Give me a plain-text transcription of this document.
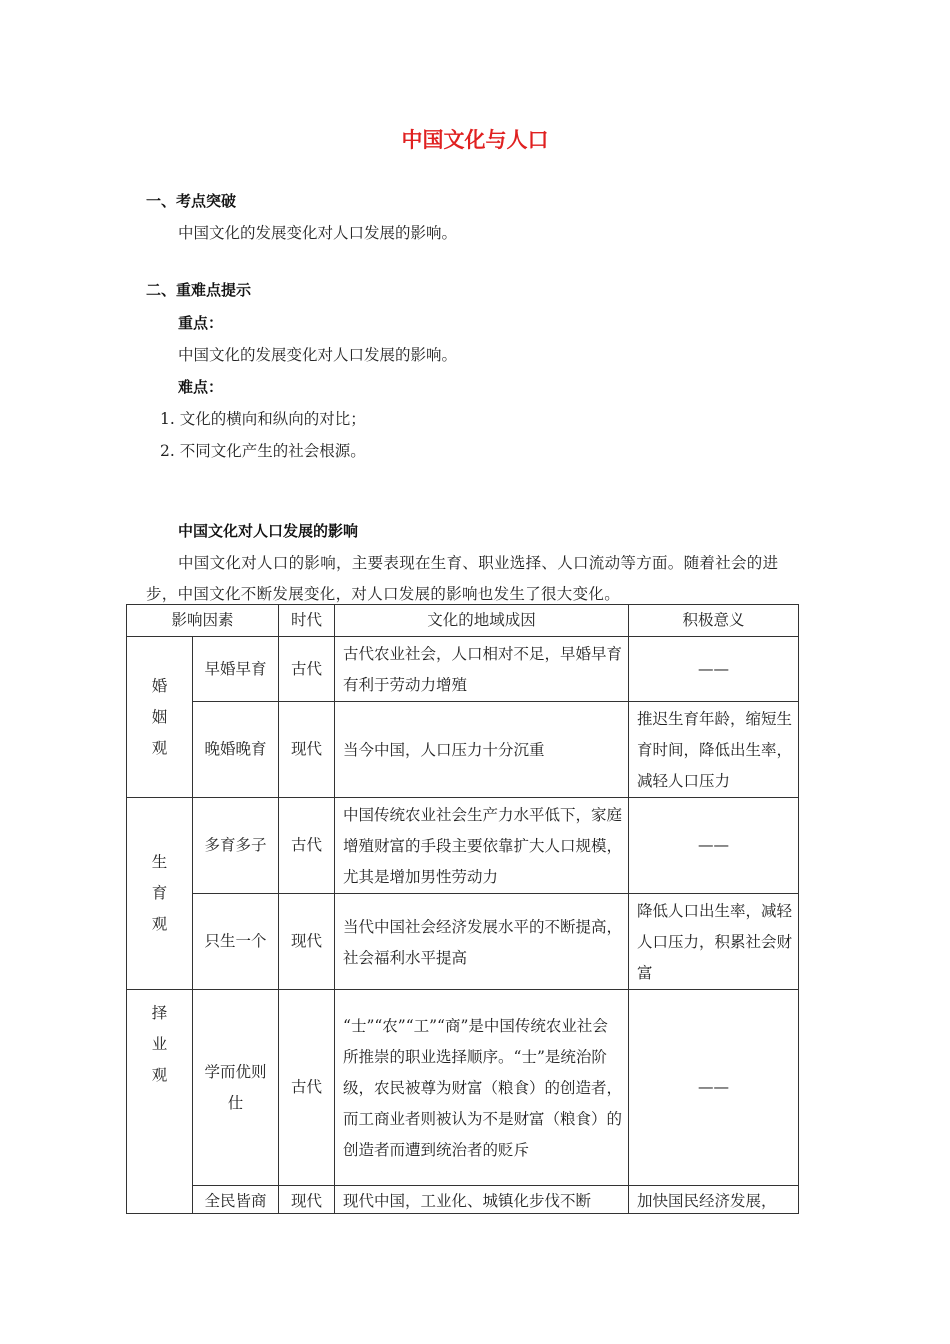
中国文化与人口
一、考点突破
中国文化的发展变化对人口发展的影响。
二、重难点提示
重点：
中国文化的发展变化对人口发展的影响。
难点：
1. 文化的横向和纵向的对比；
2. 不同文化产生的社会根源。
中国文化对人口发展的影响
中国文化对人口的影响，主要表现在生育、职业选择、人口流动等方面。随着社会的进步，中国文化不断发展变化，对人口发展的影响也发生了很大变化。
影响因素		时代	文化的地域成因	积极意义
婚姻观	早婚早育	古代	古代农业社会，人口相对不足，早婚早育有利于劳动力增殖	——
	晚婚晚育	现代	当今中国，人口压力十分沉重	推迟生育年龄，缩短生育时间，降低出生率，减轻人口压力
生育观	多育多子	古代	中国传统农业社会生产力水平低下，家庭增殖财富的手段主要依靠扩大人口规模，尤其是增加男性劳动力	——
	只生一个	现代	当代中国社会经济发展水平的不断提高，社会福利水平提高	降低人口出生率，减轻人口压力，积累社会财富
择业观	学而优则仕	古代	“士”“农”“工”“商”是中国传统农业社会所推崇的职业选择顺序。“士”是统治阶级，农民被尊为财富（粮食）的创造者，而工商业者则被认为不是财富（粮食）的创造者而遭到统治者的贬斥	——

	全民皆商	现代	现代中国，工业化、城镇化步伐不断	加快国民经济发展，
